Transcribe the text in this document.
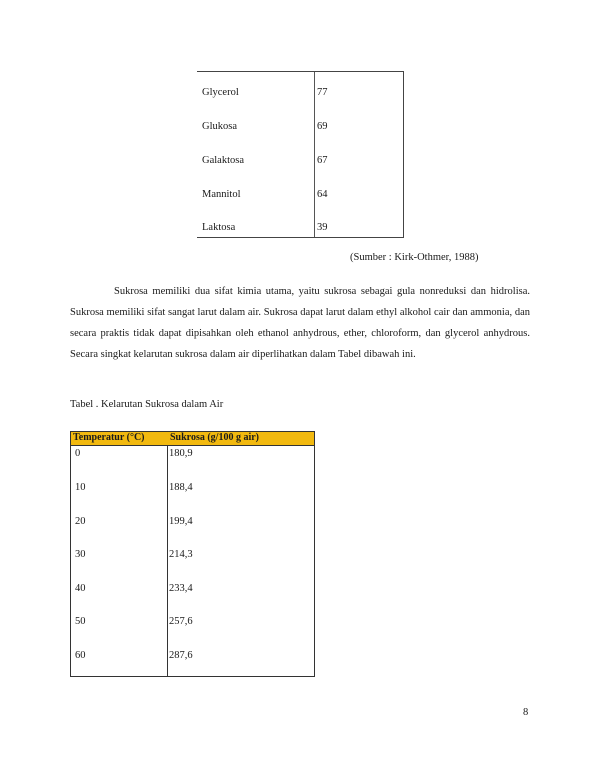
Glycerol	77
Glukosa	69
Galaktosa	67
Mannitol	64
Laktosa	39
(Sumber : Kirk-Othmer, 1988)
Sukrosa memiliki dua sifat kimia utama, yaitu sukrosa sebagai gula nonreduksi dan hidrolisa. Sukrosa memiliki sifat sangat larut dalam air. Sukrosa dapat larut dalam ethyl alkohol cair dan ammonia, dan secara praktis tidak dapat dipisahkan oleh ethanol anhydrous, ether, chloroform, dan glycerol anhydrous. Secara singkat kelarutan sukrosa dalam air diperlihatkan dalam Tabel dibawah ini.
Tabel . Kelarutan Sukrosa dalam Air
Temperatur (°C)	Sukrosa (g/100 g air)
0	180,9
10	188,4
20	199,4
30	214,3
40	233,4
50	257,6
60	287,6
8
